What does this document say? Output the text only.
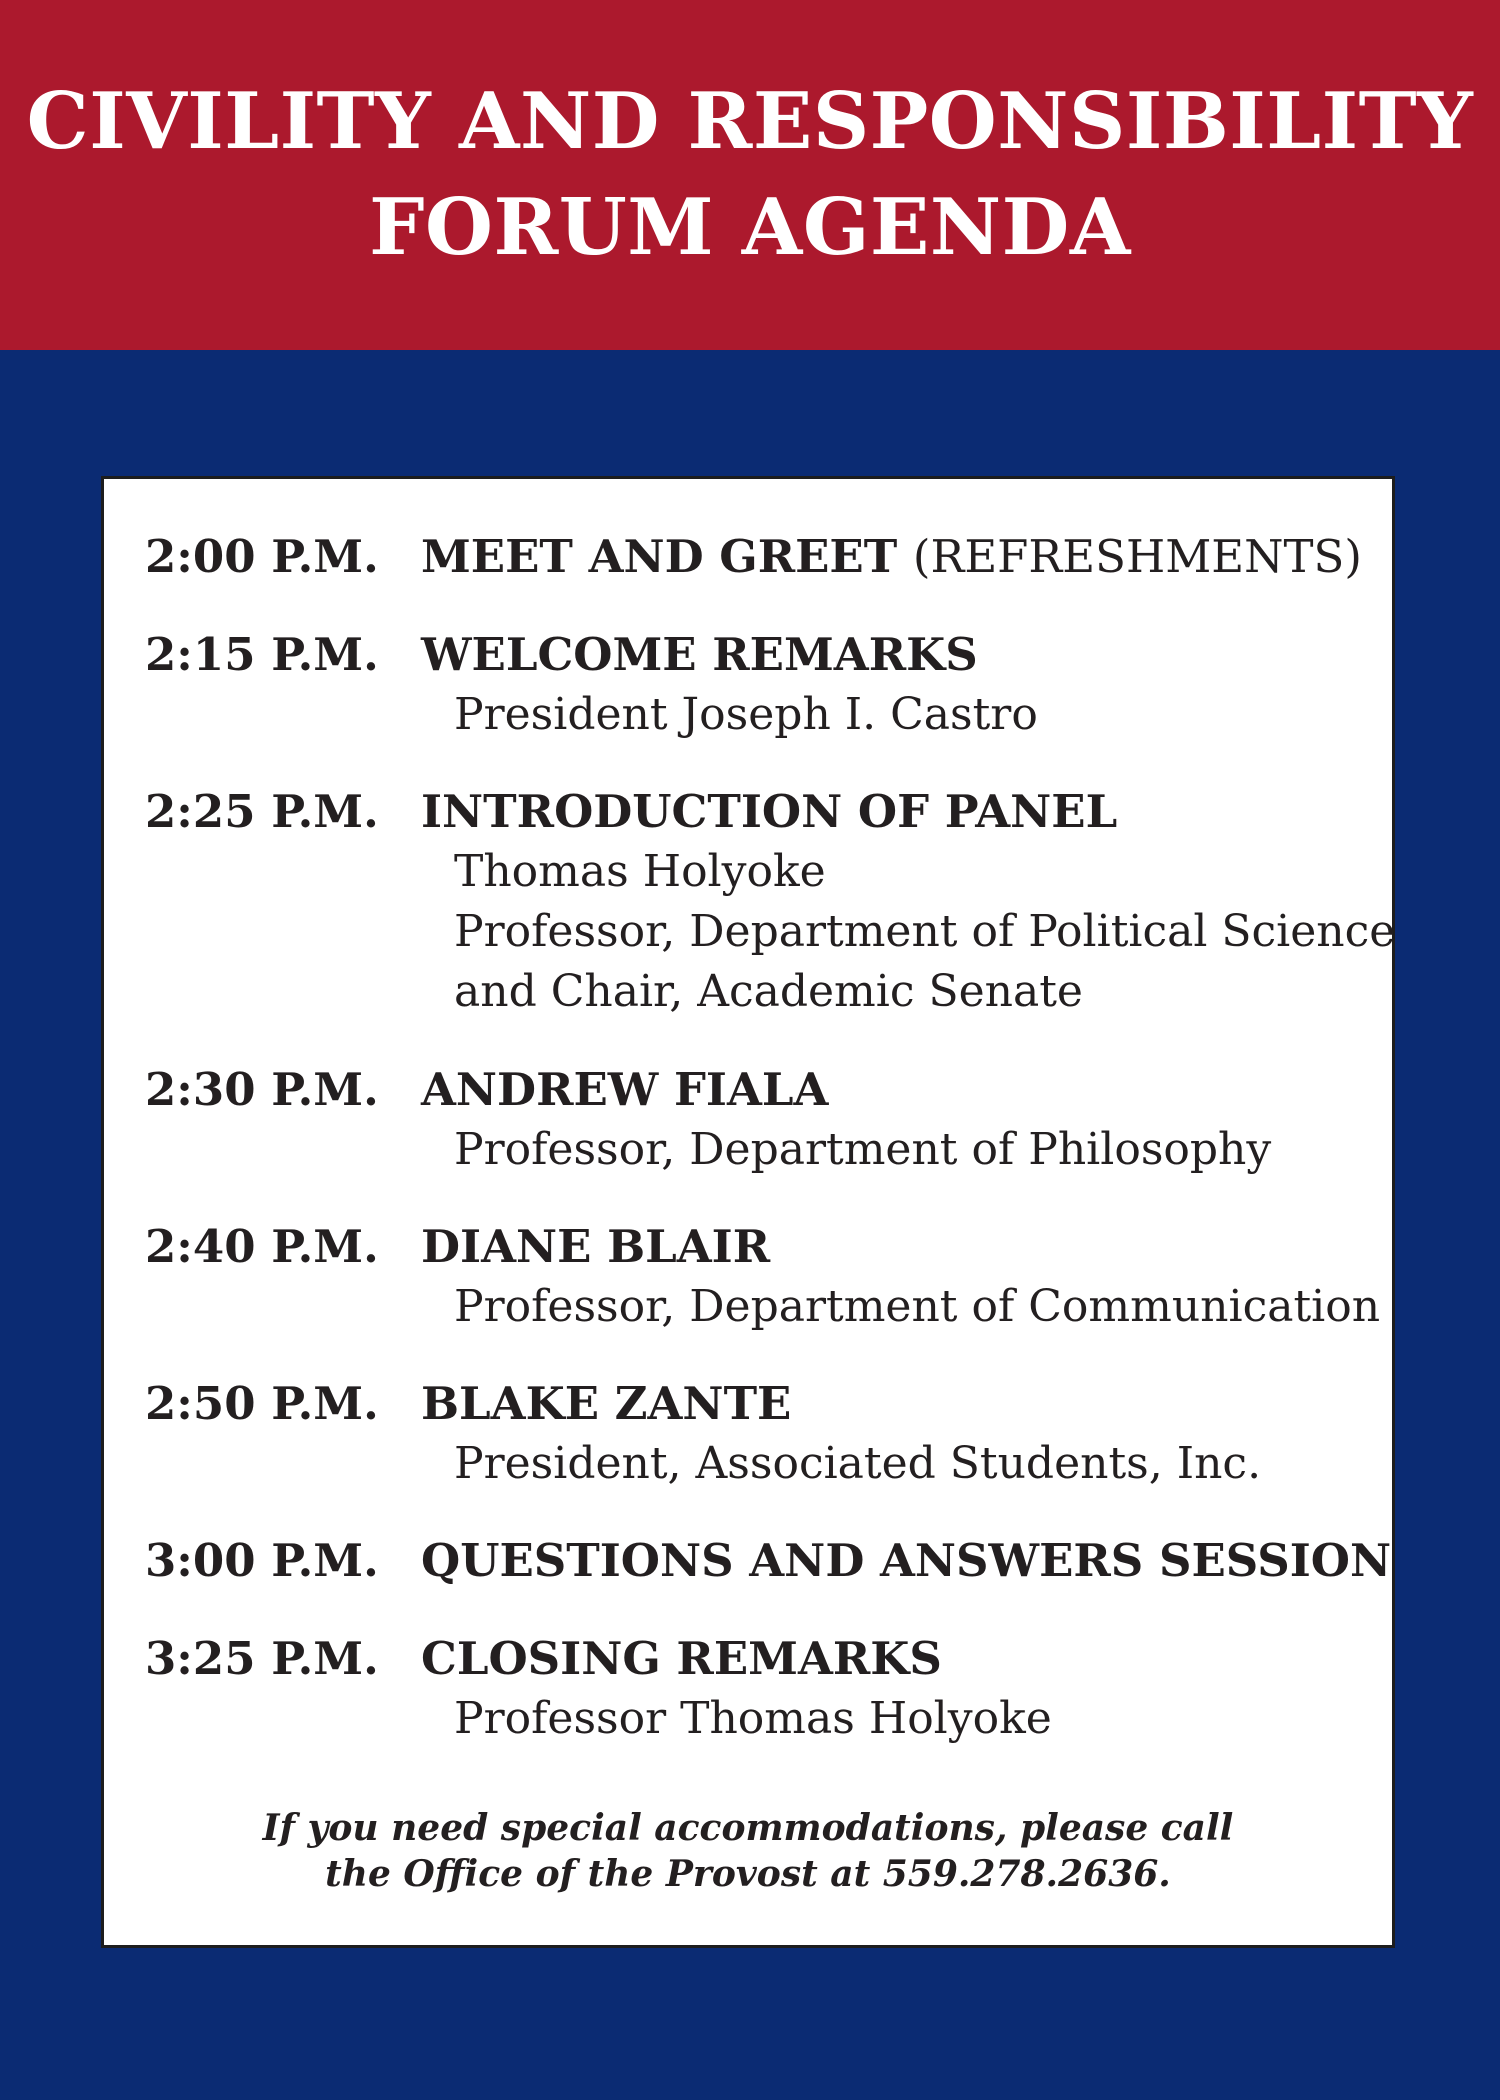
CIVILITY AND RESPONSIBILITY
FORUM AGENDA
2:00 P.M. MEET AND GREET (REFRESHMENTS)
2:15 P.M. WELCOME REMARKS
President Joseph I. Castro
2:25 P.M. INTRODUCTION OF PANEL
Thomas Holyoke
Professor, Department of Political Science
and Chair, Academic Senate
2:30 P.M. ANDREW FIALA
Professor, Department of Philosophy
2:40 P.M. DIANE BLAIR
Professor, Department of Communication
2:50 P.M. BLAKE ZANTE
President, Associated Students, Inc.
3:00 P.M. QUESTIONS AND ANSWERS SESSION
3:25 P.M. CLOSING REMARKS
Professor Thomas Holyoke
If you need special accommodations, please call
the Office of the Provost at 559.278.2636.
